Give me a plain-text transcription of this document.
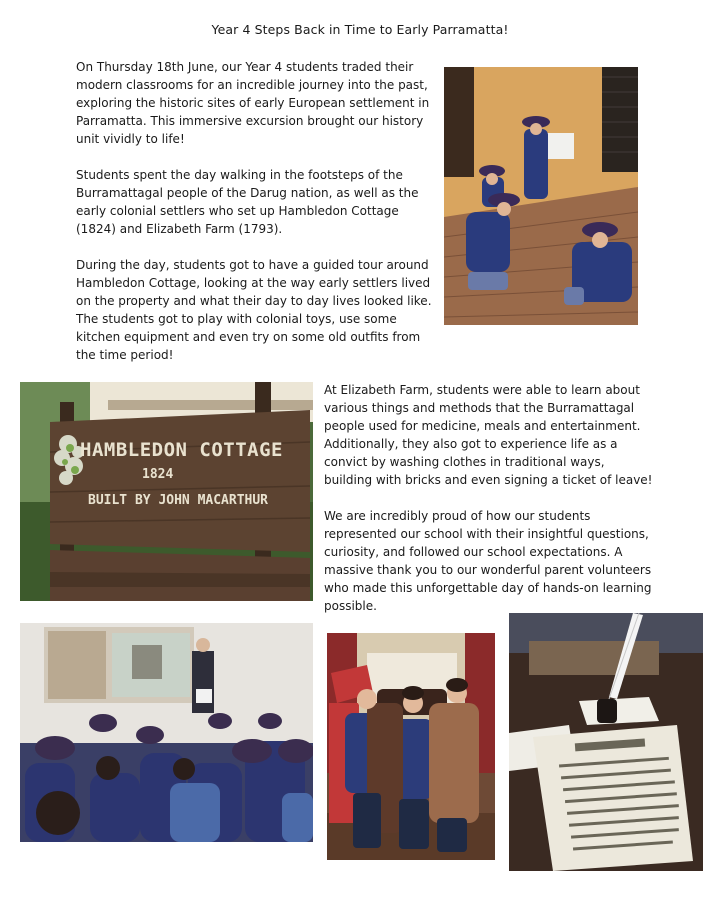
Year 4 Steps Back in Time to Early Parramatta!

On Thursday 18th June, our Year 4 students traded their modern classrooms for an incredible journey into the past, exploring the historic sites of early European settlement in Parramatta. This immersive excursion brought our history unit vividly to life!

Students spent the day walking in the footsteps of the Burramattagal people of the Darug nation, as well as the early colonial settlers who set up Hambledon Cottage (1824) and Elizabeth Farm (1793).

During the day, students got to have a guided tour around Hambledon Cottage, looking at the way early settlers lived on the property and what their day to day lives looked like. The students got to play with colonial toys, use some kitchen equipment and even try on some old outfits from the time period!

At Elizabeth Farm, students were able to learn about various things and methods that the Burramattagal people used for medicine, meals and entertainment. Additionally, they also got to experience life as a convict by washing clothes in traditional ways, building with bricks and even signing a ticket of leave!

We are incredibly proud of how our students represented our school with their insightful questions, curiosity, and followed our school expectations. A massive thank you to our wonderful parent volunteers who made this unforgettable day of hands-on learning possible.

HAMBLEDON COTTAGE
1824
BUILT BY JOHN MACARTHUR
